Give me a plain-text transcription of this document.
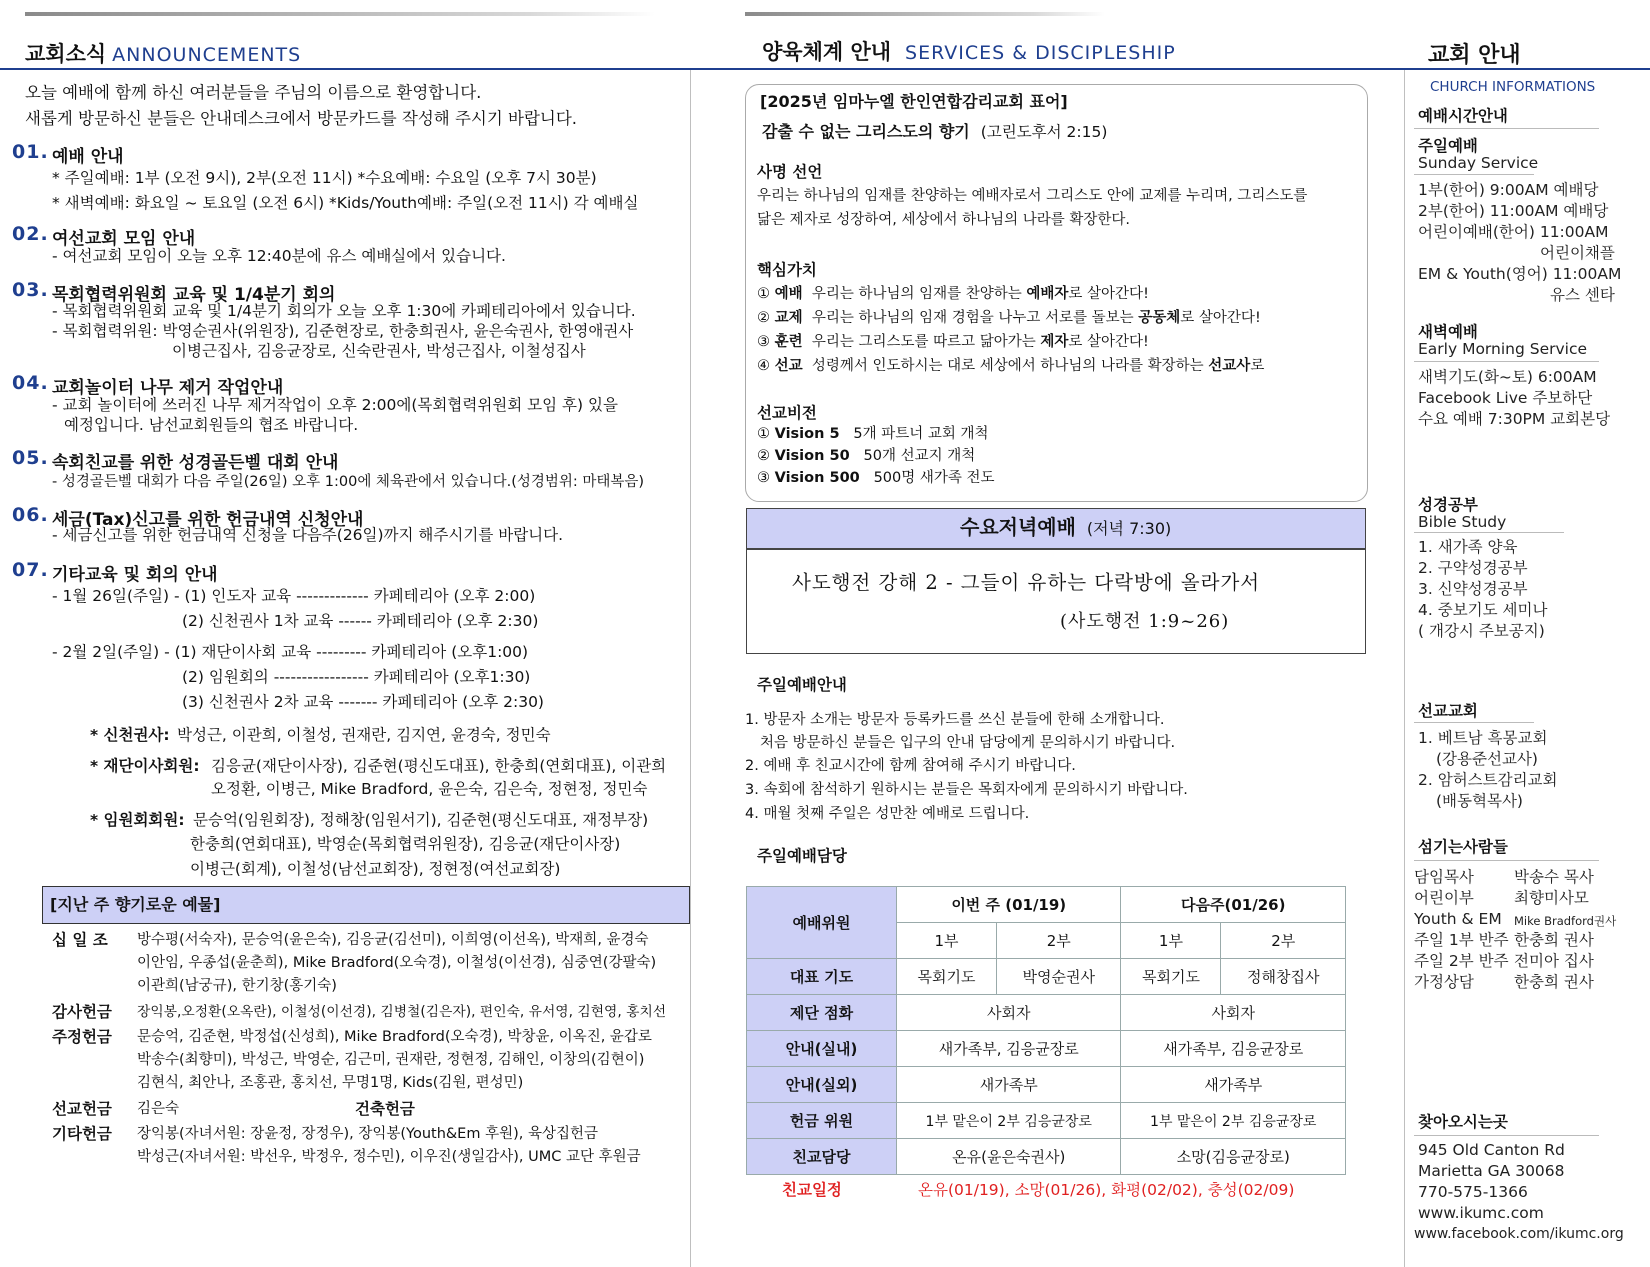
교회소식 ANNOUNCEMENTS
오늘 예배에 함께 하신 여러분들을 주님의 이름으로 환영합니다.
새롭게 방문하신 분들은 안내데스크에서 방문카드를 작성해 주시기 바랍니다.
01. 예배 안내
* 주일예배: 1부 (오전 9시), 2부(오전 11시) *수요예배: 수요일 (오후 7시 30분)
* 새벽예배: 화요일 ~ 토요일 (오전 6시) *Kids/Youth예배: 주일(오전 11시) 각 예배실
02. 여선교회 모임 안내
- 여선교회 모임이 오늘 오후 12:40분에 유스 예배실에서 있습니다.
03. 목회협력위원회 교육 및 1/4분기 회의
- 목회협력위원회 교육 및 1/4분기 회의가 오늘 오후 1:30에 카페테리아에서 있습니다.
- 목회협력위원: 박영순권사(위원장), 김준현장로, 한충희권사, 윤은숙권사, 한영애권사
이병근집사, 김응균장로, 신숙란권사, 박성근집사, 이철성집사
04. 교회놀이터 나무 제거 작업안내
- 교회 놀이터에 쓰러진 나무 제거작업이 오후 2:00에(목회협력위원회 모임 후) 있을
예정입니다. 남선교회원들의 협조 바랍니다.
05. 속회친교를 위한 성경골든벨 대회 안내
- 성경골든벨 대회가 다음 주일(26일) 오후 1:00에 체육관에서 있습니다.(성경범위: 마태복음)
06. 세금(Tax)신고를 위한 헌금내역 신청안내
- 세금신고를 위한 헌금내역 신청을 다음주(26일)까지 해주시기를 바랍니다.
07. 기타교육 및 회의 안내
- 1월 26일(주일) - (1) 인도자 교육 ------------- 카페테리아 (오후 2:00)
(2) 신천권사 1차 교육 ------ 카페테리아 (오후 2:30)
- 2월 2일(주일) - (1) 재단이사회 교육 --------- 카페테리아 (오후1:00)
(2) 임원회의 ----------------- 카페테리아 (오후1:30)
(3) 신천권사 2차 교육 ------- 카페테리아 (오후 2:30)
* 신천권사: 박성근, 이관희, 이철성, 권재란, 김지연, 윤경숙, 정민숙
* 재단이사회원: 김응균(재단이사장), 김준현(평신도대표), 한충희(연회대표), 이관희
오정환, 이병근, Mike Bradford, 윤은숙, 김은숙, 정현정, 정민숙
* 임원회회원: 문승억(임원회장), 정해창(임원서기), 김준현(평신도대표, 재정부장)
한충희(연회대표), 박영순(목회협력위원장), 김응균(재단이사장)
이병근(회계), 이철성(남선교회장), 정현정(여선교회장)
[지난 주 향기로운 예물]
십 일 조 방수평(서숙자), 문승억(윤은숙), 김응균(김선미), 이희영(이선옥), 박재희, 윤경숙
이안임, 우종섭(윤춘희), Mike Bradford(오숙경), 이철성(이선경), 심중연(강팔숙)
이관희(남궁규), 한기창(홍기숙)
감사헌금 장익봉,오정환(오옥란), 이철성(이선경), 김병철(김은자), 편인숙, 유서영, 김현영, 홍치선
주정헌금 문승억, 김준현, 박정섭(신성희), Mike Bradford(오숙경), 박창윤, 이옥진, 윤갑로
박송수(최향미), 박성근, 박영순, 김근미, 권재란, 정현정, 김해인, 이창의(김현이)
김현식, 최안나, 조홍관, 홍치선, 무명1명, Kids(김원, 편성민)
선교헌금 김은숙	건축헌금
기타헌금 장익봉(자녀서원: 장윤정, 장정우), 장익봉(Youth&Em 후원), 육상집헌금
박성근(자녀서원: 박선우, 박정우, 정수민), 이우진(생일감사), UMC 교단 후원금
양육체계 안내 SERVICES & DISCIPLESHIP
[2025년 임마누엘 한인연합감리교회 표어]
감출 수 없는 그리스도의 향기 (고린도후서 2:15)
사명 선언
우리는 하나님의 임재를 찬양하는 예배자로서 그리스도 안에 교제를 누리며, 그리스도를
닮은 제자로 성장하여, 세상에서 하나님의 나라를 확장한다.
핵심가치
① 예배 우리는 하나님의 임재를 찬양하는 예배자로 살아간다!
② 교제 우리는 하나님의 임재 경험을 나누고 서로를 돌보는 공동체로 살아간다!
③ 훈련 우리는 그리스도를 따르고 닮아가는 제자로 살아간다!
④ 선교 성령께서 인도하시는 대로 세상에서 하나님의 나라를 확장하는 선교사로
선교비전
① Vision 5 5개 파트너 교회 개척
② Vision 50 50개 선교지 개척
③ Vision 500 500명 새가족 전도
수요저녁예배 (저녁 7:30)
사도행전 강해 2 - 그들이 유하는 다락방에 올라가서
(사도행전 1:9~26)
주일예배안내
1. 방문자 소개는 방문자 등록카드를 쓰신 분들에 한해 소개합니다.
처음 방문하신 분들은 입구의 안내 담당에게 문의하시기 바랍니다.
2. 예배 후 친교시간에 함께 참여해 주시기 바랍니다.
3. 속회에 참석하기 원하시는 분들은 목회자에게 문의하시기 바랍니다.
4. 매월 첫째 주일은 성만찬 예배로 드립니다.
주일예배담당
예배위원	이번 주 (01/19)		다음주(01/26)	
	1부	2부	1부	2부
대표 기도	목회기도	박영순권사	목회기도	정해창집사
제단 점화	사회자		사회자	
안내(실내)	새가족부, 김응균장로		새가족부, 김응균장로	
안내(실외)	새가족부		새가족부	
헌금 위원	1부 맡은이 2부 김응균장로		1부 맡은이 2부 김응균장로	
친교담당	온유(윤은숙권사)		소망(김응균장로)	
친교일정	온유(01/19), 소망(01/26), 화평(02/02), 충성(02/09)
교회 안내
CHURCH INFORMATIONS
예배시간안내
주일예배
Sunday Service
1부(한어) 9:00AM 예배당
2부(한어) 11:00AM 예배당
어린이예배(한어) 11:00AM
어린이채플
EM & Youth(영어) 11:00AM
유스 센타
새벽예배
Early Morning Service
새벽기도(화~토) 6:00AM
Facebook Live 주보하단
수요 예배 7:30PM 교회본당
성경공부
Bible Study
1. 새가족 양육
2. 구약성경공부
3. 신약성경공부
4. 중보기도 세미나
( 개강시 주보공지)
선교교회
1. 베트남 흑몽교회
(강용준선교사)
2. 암허스트감리교회
(배동혁목사)
섬기는사람들
담임목사	박송수 목사
어린이부	최향미사모
Youth & EM Mike Bradford권사
주일 1부 반주 한충희 권사
주일 2부 반주 전미아 집사
가정상담	한충희 권사
찾아오시는곳
945 Old Canton Rd
Marietta GA 30068
770-575-1366
www.ikumc.com
www.facebook.com/ikumc.org
